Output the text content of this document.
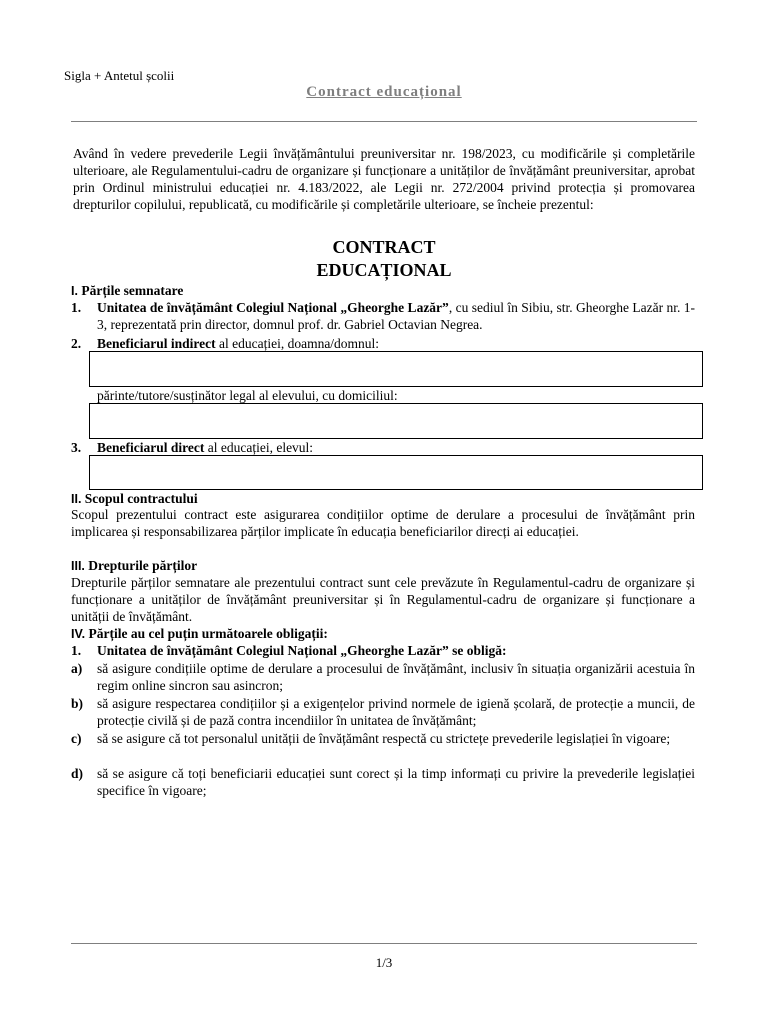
Sigla + Antetul școlii
Contract educațional
Având în vedere prevederile Legii învățământului preuniversitar nr. 198/2023, cu modificările și completările ulterioare, ale Regulamentului-cadru de organizare și funcționare a unităților de învățământ preuniversitar, aprobat prin Ordinul ministrului educației nr. 4.183/2022, ale Legii nr. 272/2004 privind protecția și promovarea drepturilor copilului, republicată, cu modificările și completările ulterioare, se încheie prezentul:
CONTRACT
EDUCAȚIONAL
I. Părțile semnatare
1. Unitatea de învățământ Colegiul Național „Gheorghe Lazăr”, cu sediul în Sibiu, str. Gheorghe Lazăr nr. 1-3, reprezentată prin director, domnul prof. dr. Gabriel Octavian Negrea.
2. Beneficiarul indirect al educației, doamna/domnul:
părinte/tutore/susținător legal al elevului, cu domiciliul:
3. Beneficiarul direct al educației, elevul:
II. Scopul contractului
Scopul prezentului contract este asigurarea condițiilor optime de derulare a procesului de învățământ prin implicarea și responsabilizarea părților implicate în educația beneficiarilor direcți ai educației.
III. Drepturile părților
Drepturile părților semnatare ale prezentului contract sunt cele prevăzute în Regulamentul-cadru de organizare și funcționare a unităților de învățământ preuniversitar și în Regulamentul-cadru de organizare și funcționare a unității de învățământ.
IV. Părțile au cel puțin următoarele obligații:
1. Unitatea de învățământ Colegiul Național „Gheorghe Lazăr” se obligă:
a) să asigure condițiile optime de derulare a procesului de învățământ, inclusiv în situația organizării acestuia în regim online sincron sau asincron;
b) să asigure respectarea condițiilor și a exigențelor privind normele de igienă școlară, de protecție a muncii, de protecție civilă și de pază contra incendiilor în unitatea de învățământ;
c) să se asigure că tot personalul unității de învățământ respectă cu strictețe prevederile legislației în vigoare;
d) să se asigure că toți beneficiarii educației sunt corect și la timp informați cu privire la prevederile legislației specifice în vigoare;
1/3
